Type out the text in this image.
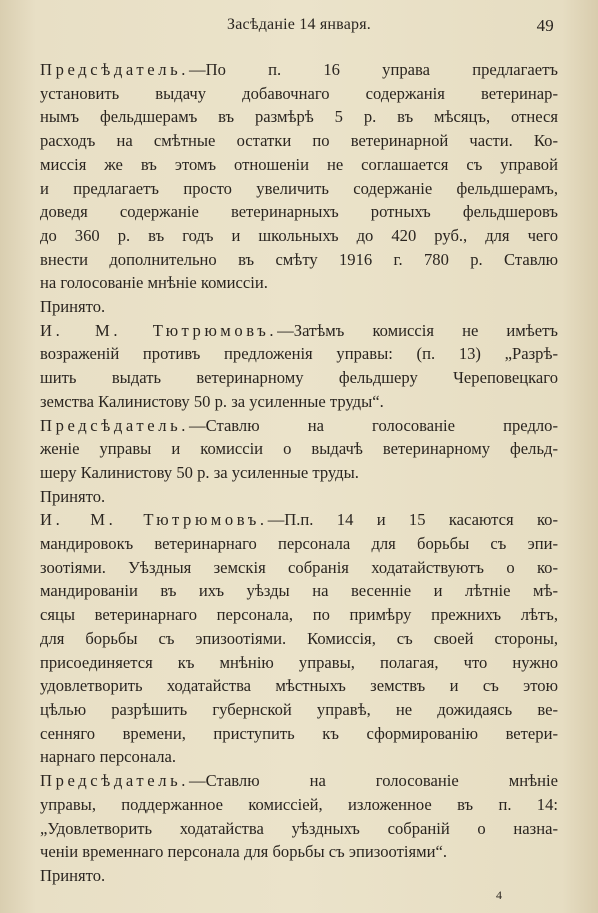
Засѣданіе 14 января.	49
Предсѣдатель.—По п. 16 управа предлагаетъ
установить выдачу добавочнаго содержанія ветеринар-
нымъ фельдшерамъ въ размѣрѣ 5 р. въ мѣсяцъ, отнеся
расходъ на смѣтные остатки по ветеринарной части. Ко-
миссія же въ этомъ отношеніи не соглашается съ управой
и предлагаетъ просто увеличить содержаніе фельдшерамъ,
доведя содержаніе ветеринарныхъ ротныхъ фельдшеровъ
до 360 р. въ годъ и школьныхъ до 420 руб., для чего
внести дополнительно въ смѣту 1916 г. 780 р. Ставлю
на голосованіе мнѣніе комиссіи.
Принято.
И. М. Тютрюмовъ.—Затѣмъ комиссія не имѣетъ
возраженій противъ предложенія управы: (п. 13) „Разрѣ-
шить выдать ветеринарному фельдшеру Череповецкаго
земства Калинистову 50 р. за усиленные труды“.
Предсѣдатель.—Ставлю на голосованіе предло-
женіе управы и комиссіи о выдачѣ ветеринарному фельд-
шеру Калинистову 50 р. за усиленные труды.
Принято.
И. М. Тютрюмовъ.—П.п. 14 и 15 касаются ко-
мандировокъ ветеринарнаго персонала для борьбы съ эпи-
зоотіями. Уѣздныя земскія собранія ходатайствуютъ о ко-
мандированіи въ ихъ уѣзды на весенніе и лѣтніе мѣ-
сяцы ветеринарнаго персонала, по примѣру прежнихъ лѣтъ,
для борьбы съ эпизоотіями. Комиссія, съ своей стороны,
присоединяется къ мнѣнію управы, полагая, что нужно
удовлетворить ходатайства мѣстныхъ земствъ и съ этою
цѣлью разрѣшить губернской управѣ, не дожидаясь ве-
сенняго времени, приступить къ сформированію ветери-
нарнаго персонала.
Предсѣдатель.—Ставлю на голосованіе мнѣніе
управы, поддержанное комиссіей, изложенное въ п. 14:
„Удовлетворить ходатайства уѣздныхъ собраній о назна-
ченіи временнаго персонала для борьбы съ эпизоотіями“.
Принято.
4
